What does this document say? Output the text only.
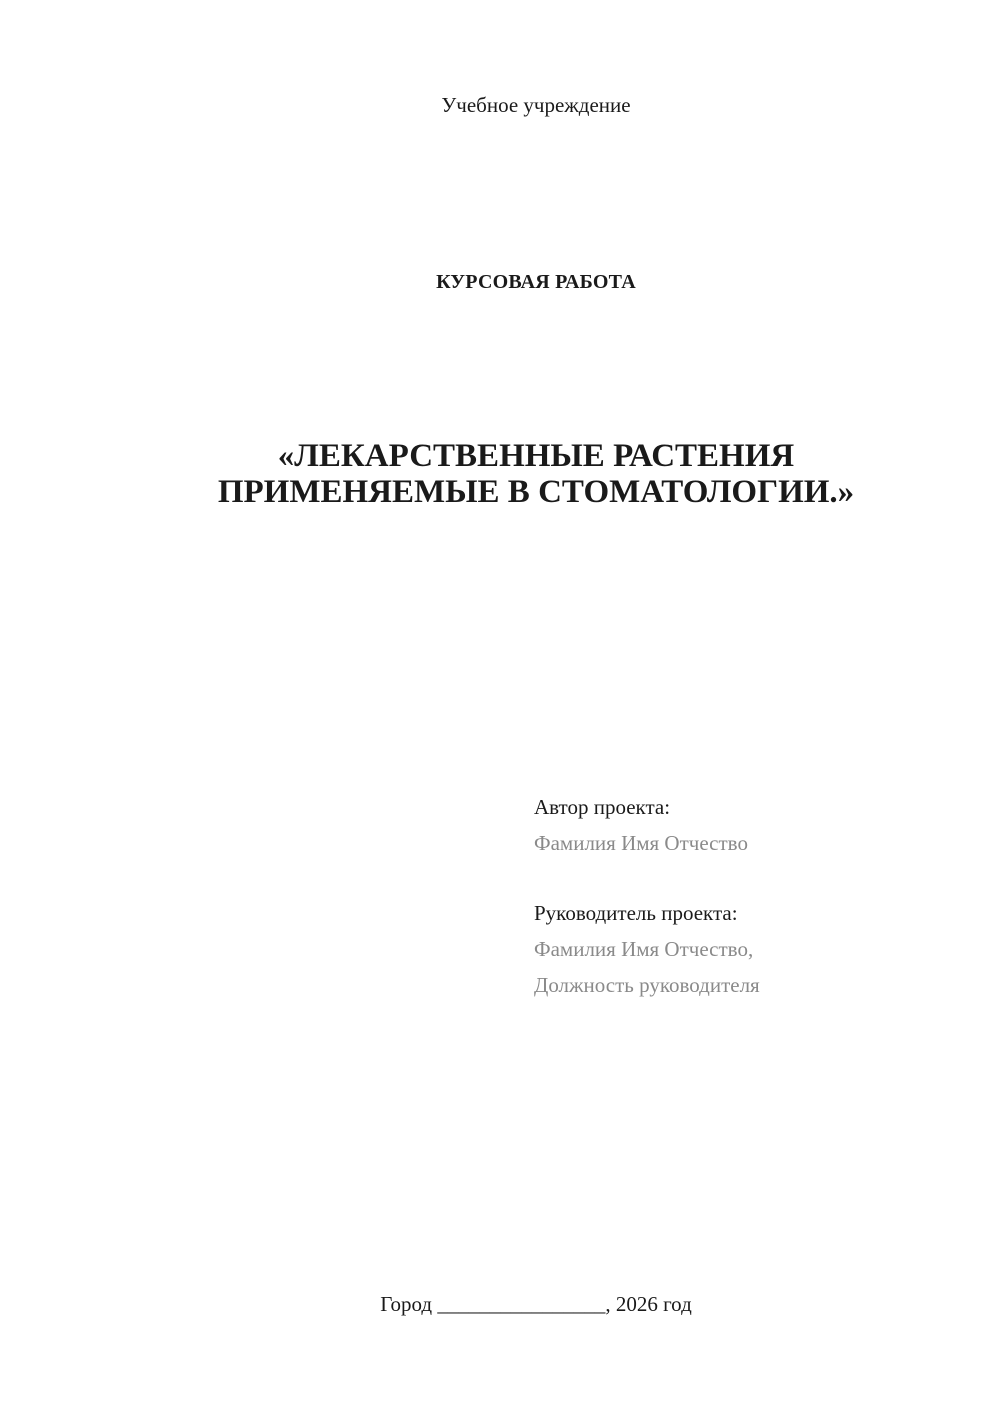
Учебное учреждение
КУРСОВАЯ РАБОТА
«ЛЕКАРСТВЕННЫЕ РАСТЕНИЯ
ПРИМЕНЯЕМЫЕ В СТОМАТОЛОГИИ.»
Автор проекта:
Фамилия Имя Отчество
Руководитель проекта:
Фамилия Имя Отчество,
Должность руководителя
Город ________________, 2026 год
